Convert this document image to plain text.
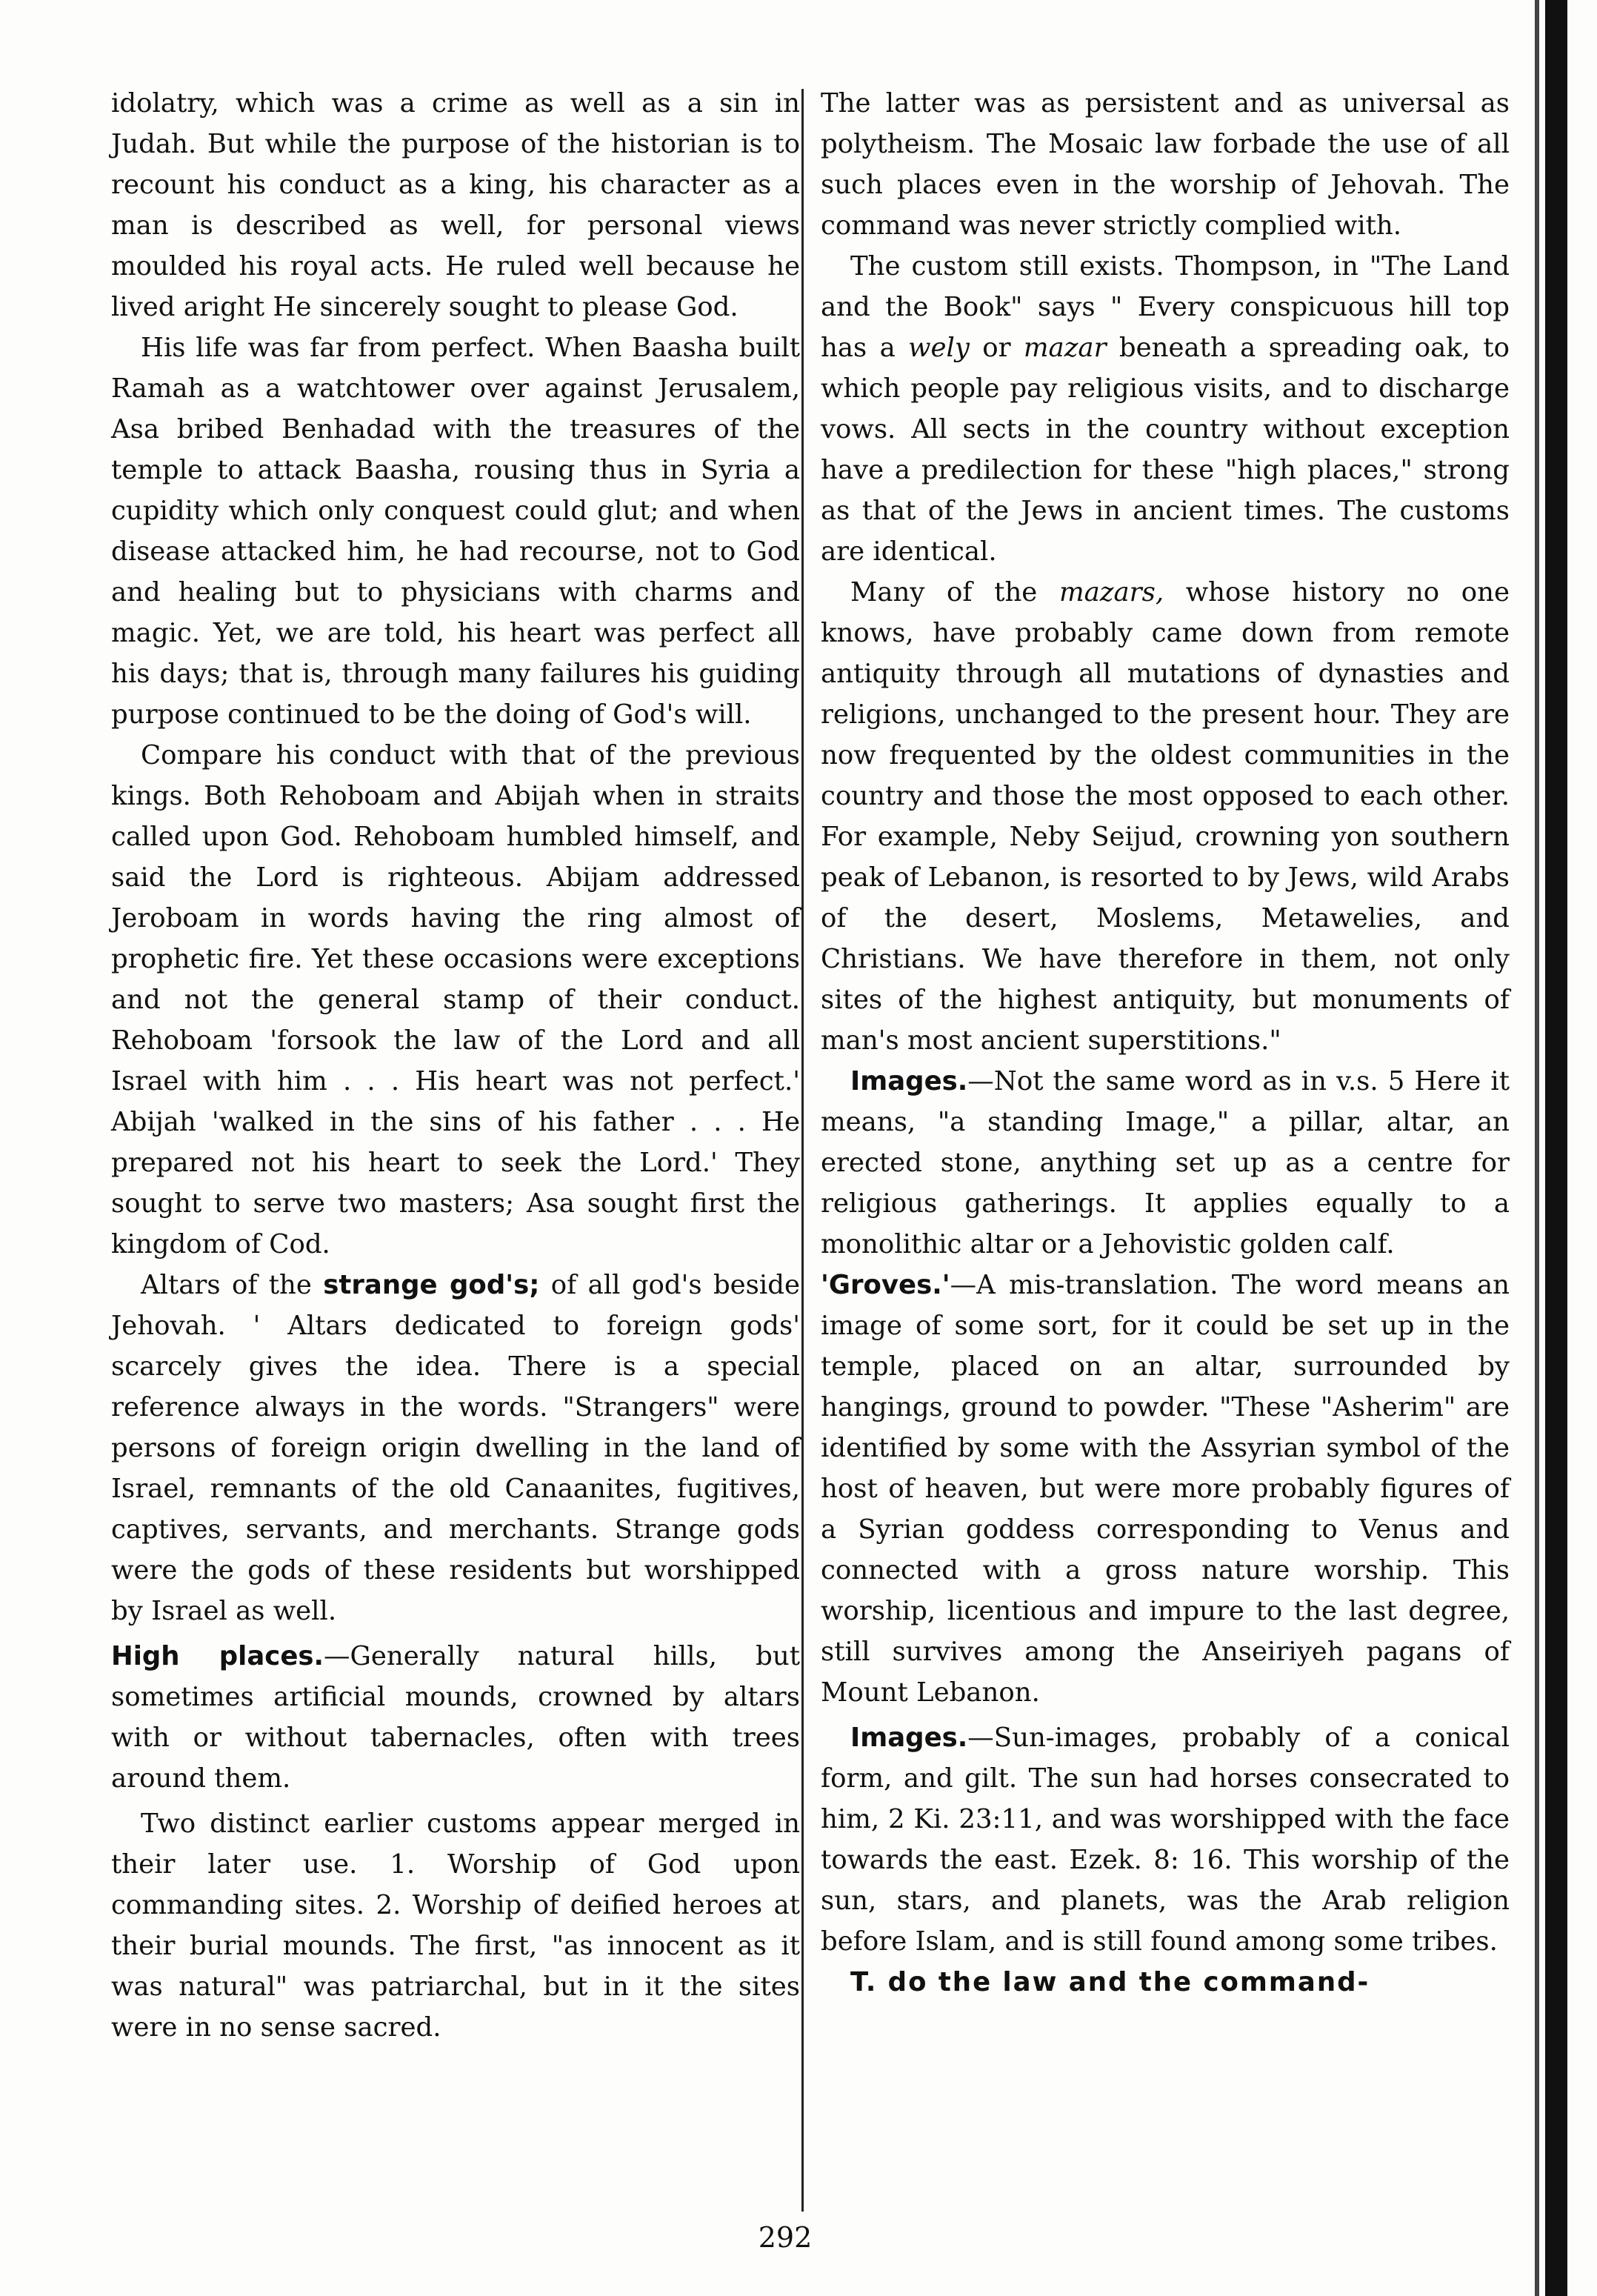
idolatry, which was a crime as well as a sin in Judah. But while the purpose of the historian is to recount his conduct as a king, his character as a man is described as well, for personal views moulded his royal acts. He ruled well because he lived aright He sincerely sought to please God.

His life was far from perfect. When Baasha built Ramah as a watchtower over against Jerusalem, Asa bribed Benhadad with the treasures of the temple to attack Baasha, rousing thus in Syria a cupidity which only conquest could glut; and when disease attacked him, he had recourse, not to God and healing but to physicians with charms and magic. Yet, we are told, his heart was perfect all his days; that is, through many failures his guiding purpose continued to be the doing of God's will.

Compare his conduct with that of the previous kings. Both Rehoboam and Abijah when in straits called upon God. Rehoboam humbled himself, and said the Lord is righteous. Abijam addressed Jeroboam in words having the ring almost of prophetic fire. Yet these occasions were exceptions and not the general stamp of their conduct. Rehoboam 'forsook the law of the Lord and all Israel with him . . . His heart was not perfect.' Abijah 'walked in the sins of his father . . . He prepared not his heart to seek the Lord.' They sought to serve two masters; Asa sought first the kingdom of Cod.

Altars of the strange god's; of all god's beside Jehovah. ' Altars dedicated to foreign gods' scarcely gives the idea. There is a special reference always in the words. "Strangers" were persons of foreign origin dwelling in the land of Israel, remnants of the old Canaanites, fugitives, captives, servants, and merchants. Strange gods were the gods of these residents but worshipped by Israel as well.

High places.—Generally natural hills, but sometimes artificial mounds, crowned by altars with or without tabernacles, often with trees around them.

Two distinct earlier customs appear merged in their later use. 1. Worship of God upon commanding sites. 2. Worship of deified heroes at their burial mounds. The first, "as innocent as it was natural" was patriarchal, but in it the sites were in no sense sacred.

The latter was as persistent and as universal as polytheism. The Mosaic law forbade the use of all such places even in the worship of Jehovah. The command was never strictly complied with.

The custom still exists. Thompson, in "The Land and the Book" says " Every conspicuous hill top has a wely or mazar beneath a spreading oak, to which people pay religious visits, and to discharge vows. All sects in the country without exception have a predilection for these "high places," strong as that of the Jews in ancient times. The customs are identical.

Many of the mazars, whose history no one knows, have probably came down from remote antiquity through all mutations of dynasties and religions, unchanged to the present hour. They are now frequented by the oldest communities in the country and those the most opposed to each other. For example, Neby Seijud, crowning yon southern peak of Lebanon, is resorted to by Jews, wild Arabs of the desert, Moslems, Metawelies, and Christians. We have therefore in them, not only sites of the highest antiquity, but monuments of man's most ancient superstitions."

Images.—Not the same word as in v.s. 5 Here it means, "a standing Image," a pillar, altar, an erected stone, anything set up as a centre for religious gatherings. It applies equally to a monolithic altar or a Jehovistic golden calf.

'Groves.'—A mis-translation. The word means an image of some sort, for it could be set up in the temple, placed on an altar, surrounded by hangings, ground to powder. "These "Asherim" are identified by some with the Assyrian symbol of the host of heaven, but were more probably figures of a Syrian goddess corresponding to Venus and connected with a gross nature worship. This worship, licentious and impure to the last degree, still survives among the Anseiriyeh pagans of Mount Lebanon.

Images.—Sun-images, probably of a conical form, and gilt. The sun had horses consecrated to him, 2 Ki. 23:11, and was worshipped with the face towards the east. Ezek. 8: 16. This worship of the sun, stars, and planets, was the Arab religion before Islam, and is still found among some tribes.

T. do the law and the command-

292
